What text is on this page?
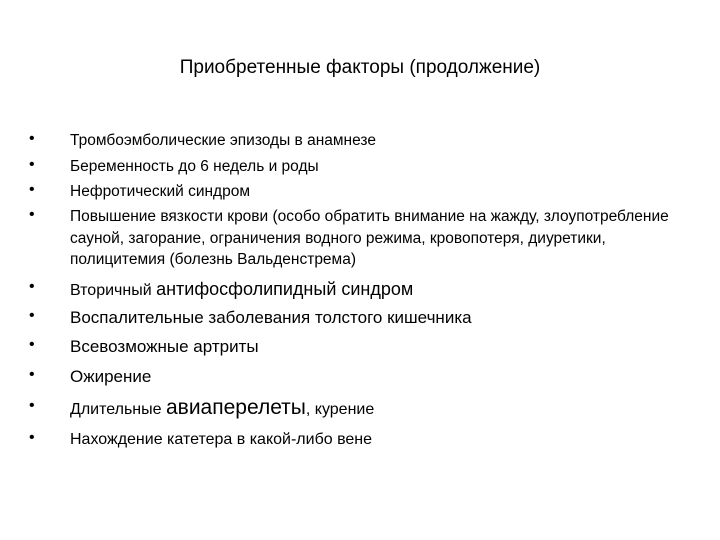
Приобретенные факторы (продолжение)
• Тромбоэмболические эпизоды в анамнезе
• Беременность до 6 недель и роды
• Нефротический синдром
• Повышение вязкости крови (особо обратить внимание на жажду, злоупотребление сауной, загорание, ограничения водного режима, кровопотеря, диуретики, полицитемия (болезнь Вальденстрема)
• Вторичный антифосфолипидный синдром
• Воспалительные заболевания толстого кишечника
• Всевозможные артриты
• Ожирение
• Длительные авиаперелеты, курение
• Нахождение катетера в какой-либо вене
